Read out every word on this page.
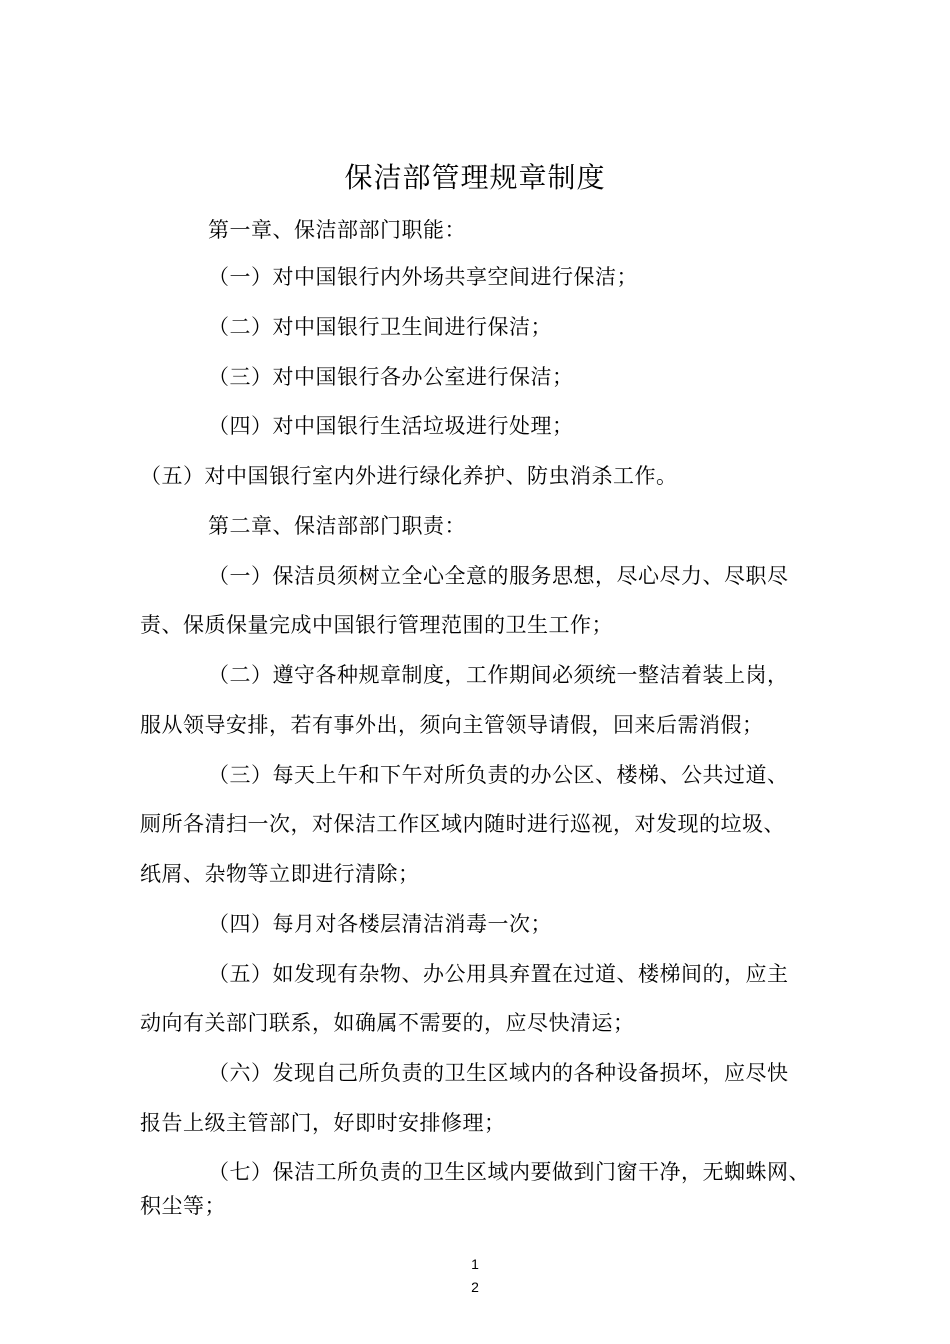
保洁部管理规章制度
第一章、保洁部部门职能：
（一）对中国银行内外场共享空间进行保洁；
（二）对中国银行卫生间进行保洁；
（三）对中国银行各办公室进行保洁；
（四）对中国银行生活垃圾进行处理；
（五）对中国银行室内外进行绿化养护、防虫消杀工作。
第二章、保洁部部门职责：
（一）保洁员须树立全心全意的服务思想，尽心尽力、尽职尽
责、保质保量完成中国银行管理范围的卫生工作；
（二）遵守各种规章制度，工作期间必须统一整洁着装上岗，
服从领导安排，若有事外出，须向主管领导请假，回来后需消假；
（三）每天上午和下午对所负责的办公区、楼梯、公共过道、
厕所各清扫一次，对保洁工作区域内随时进行巡视，对发现的垃圾、
纸屑、杂物等立即进行清除；
（四）每月对各楼层清洁消毒一次；
（五）如发现有杂物、办公用具弃置在过道、楼梯间的，应主
动向有关部门联系，如确属不需要的，应尽快清运；
（六）发现自己所负责的卫生区域内的各种设备损坏，应尽快
报告上级主管部门，好即时安排修理；
（七）保洁工所负责的卫生区域内要做到门窗干净，无蜘蛛网、
积尘等；
1
2
